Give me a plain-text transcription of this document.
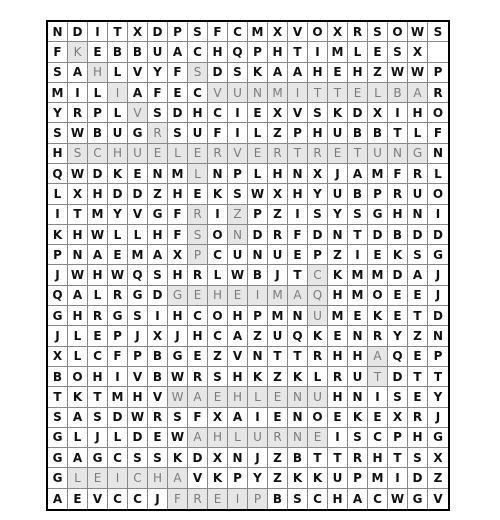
N D	I	T X D P S F C M X V O X R S O W S
F K E B B U A C H Q P H T	I M L	E S X
S A H L V Y F	S D S K A A H E H Z W W P
M I	L	I	A F E C V U N M	I	T	T	E	L	B A R
Y R P L	V S D H C	I	E X V S K D X	I	H O
S W B U G R S U F	I	L Z P H U B B T	L	F
H S C H U E	L	E	R V	E	R	T	R	E	T U N G N
Q W D K E N M L N P L H N X	J	A M F R	L
L X H D D Z H E K S W X H Y U B P R U O
I	T M Y V G F R	I	Z P Z	I	S Y S G H N	I
K H W L	L H F	S O N D R F D N T D B D D
P N A E M A X P C U N U E P Z	I	E K S G
J W H W Q S H R L W B	J	T C K M M D A	J
Q A L R G D G E H E	I	M A Q H M O E E	J
G H R G S	I	H C O H P M N U M E K E T D
J	L	E P	J	X	J	H C A Z U Q K E N R Y Z N
X L C F P B G E Z V N T T R H H A Q E	P
B O H	I	V B W R S H K Z K L R U T D T	T
T K T M H V W A	E H	L	E N U H N	I	S E	Y
S A S D W R S F X A	I	E N O E K E X R	J
G L	J	L D E W A H	L	U R N E	I	S C P H G
G A G C S S K D X N	J	Z B T T R H T S X
G L	E	I	C H A V K P Y Z K K U P M I	D Z
A E V C C	J	F	R	E	I	P B S C H A C W G V
